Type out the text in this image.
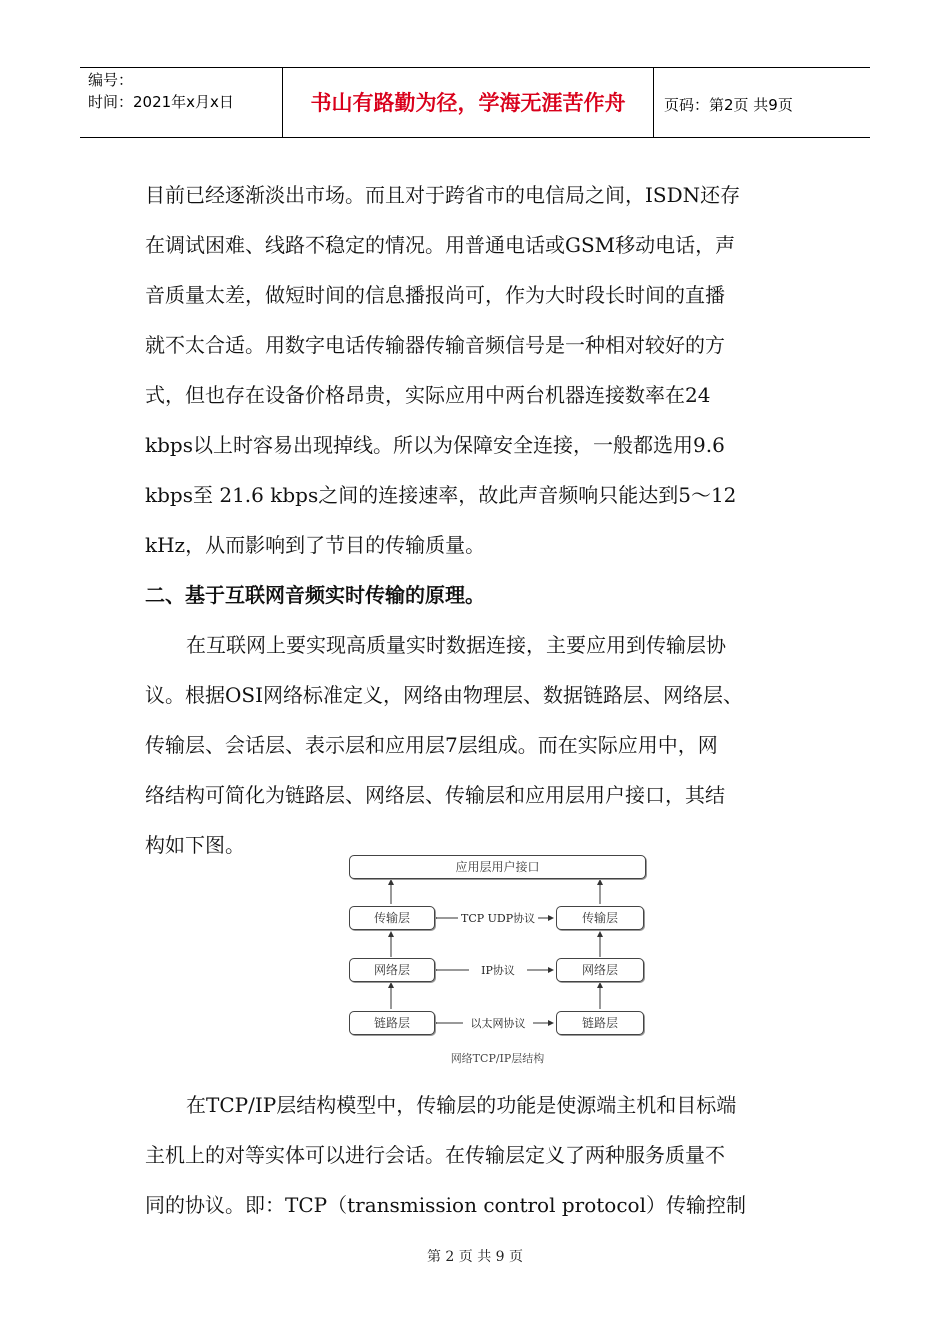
编号：
时间：2021年x月x日	书山有路勤为径，学海无涯苦作舟	页码：第2页 共9页

目前已经逐渐淡出市场。而且对于跨省市的电信局之间，ISDN还存

在调试困难、线路不稳定的情况。用普通电话或GSM移动电话，声

音质量太差，做短时间的信息播报尚可，作为大时段长时间的直播

就不太合适。用数字电话传输器传输音频信号是一种相对较好的方

式，但也存在设备价格昂贵，实际应用中两台机器连接数率在24

kbps以上时容易出现掉线。所以为保障安全连接，一般都选用9.6

kbps至 21.6 kbps之间的连接速率，故此声音频响只能达到5～12

kHz，从而影响到了节目的传输质量。

二、基于互联网音频实时传输的原理。

在互联网上要实现高质量实时数据连接，主要应用到传输层协

议。根据OSI网络标准定义，网络由物理层、数据链路层、网络层、

传输层、会话层、表示层和应用层7层组成。而在实际应用中，网

络结构可简化为链路层、网络层、传输层和应用层用户接口，其结

构如下图。

应用层用户接口
传输层
网络层
链路层
传输层
网络层
链路层
TCP UDP协议
IP协议
以太网协议
网络TCP/IP层结构

在TCP/IP层结构模型中，传输层的功能是使源端主机和目标端

主机上的对等实体可以进行会话。在传输层定义了两种服务质量不

同的协议。即：TCP（transmission control protocol）传输控制

第 2 页 共 9 页
